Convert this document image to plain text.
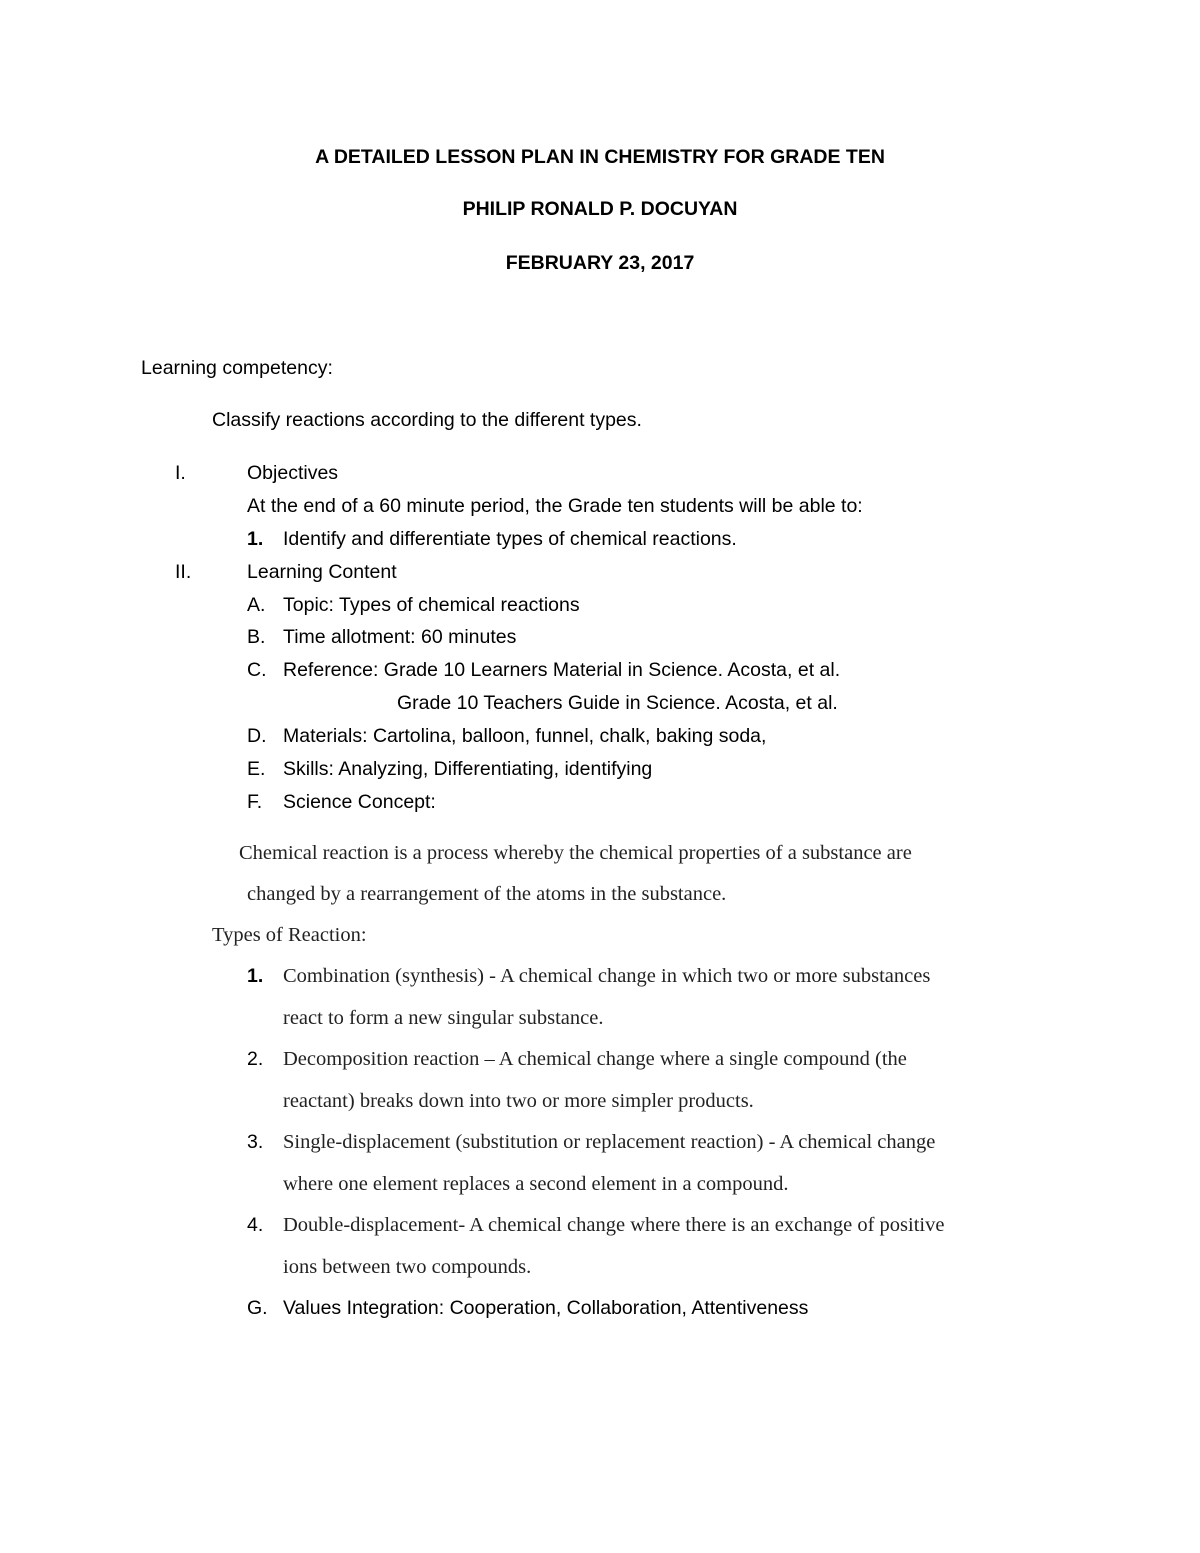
A DETAILED LESSON PLAN IN CHEMISTRY FOR GRADE TEN
PHILIP RONALD P. DOCUYAN
FEBRUARY 23, 2017
Learning competency:
Classify reactions according to the different types.
I.	Objectives
At the end of a 60 minute period, the Grade ten students will be able to:
1. Identify and differentiate types of chemical reactions.
II.	Learning Content
A. Topic: Types of chemical reactions
B. Time allotment: 60 minutes
C. Reference: Grade 10 Learners Material in Science. Acosta, et al.
Grade 10 Teachers Guide in Science. Acosta, et al.
D. Materials: Cartolina, balloon, funnel, chalk, baking soda,
E. Skills: Analyzing, Differentiating, identifying
F. Science Concept:
Chemical reaction is a process whereby the chemical properties of a substance are
changed by a rearrangement of the atoms in the substance.
Types of Reaction:
1. Combination (synthesis) - A chemical change in which two or more substances
react to form a new singular substance.
2. Decomposition reaction – A chemical change where a single compound (the
reactant) breaks down into two or more simpler products.
3. Single-displacement (substitution or replacement reaction) - A chemical change
where one element replaces a second element in a compound.
4. Double-displacement- A chemical change where there is an exchange of positive
ions between two compounds.
G. Values Integration: Cooperation, Collaboration, Attentiveness
